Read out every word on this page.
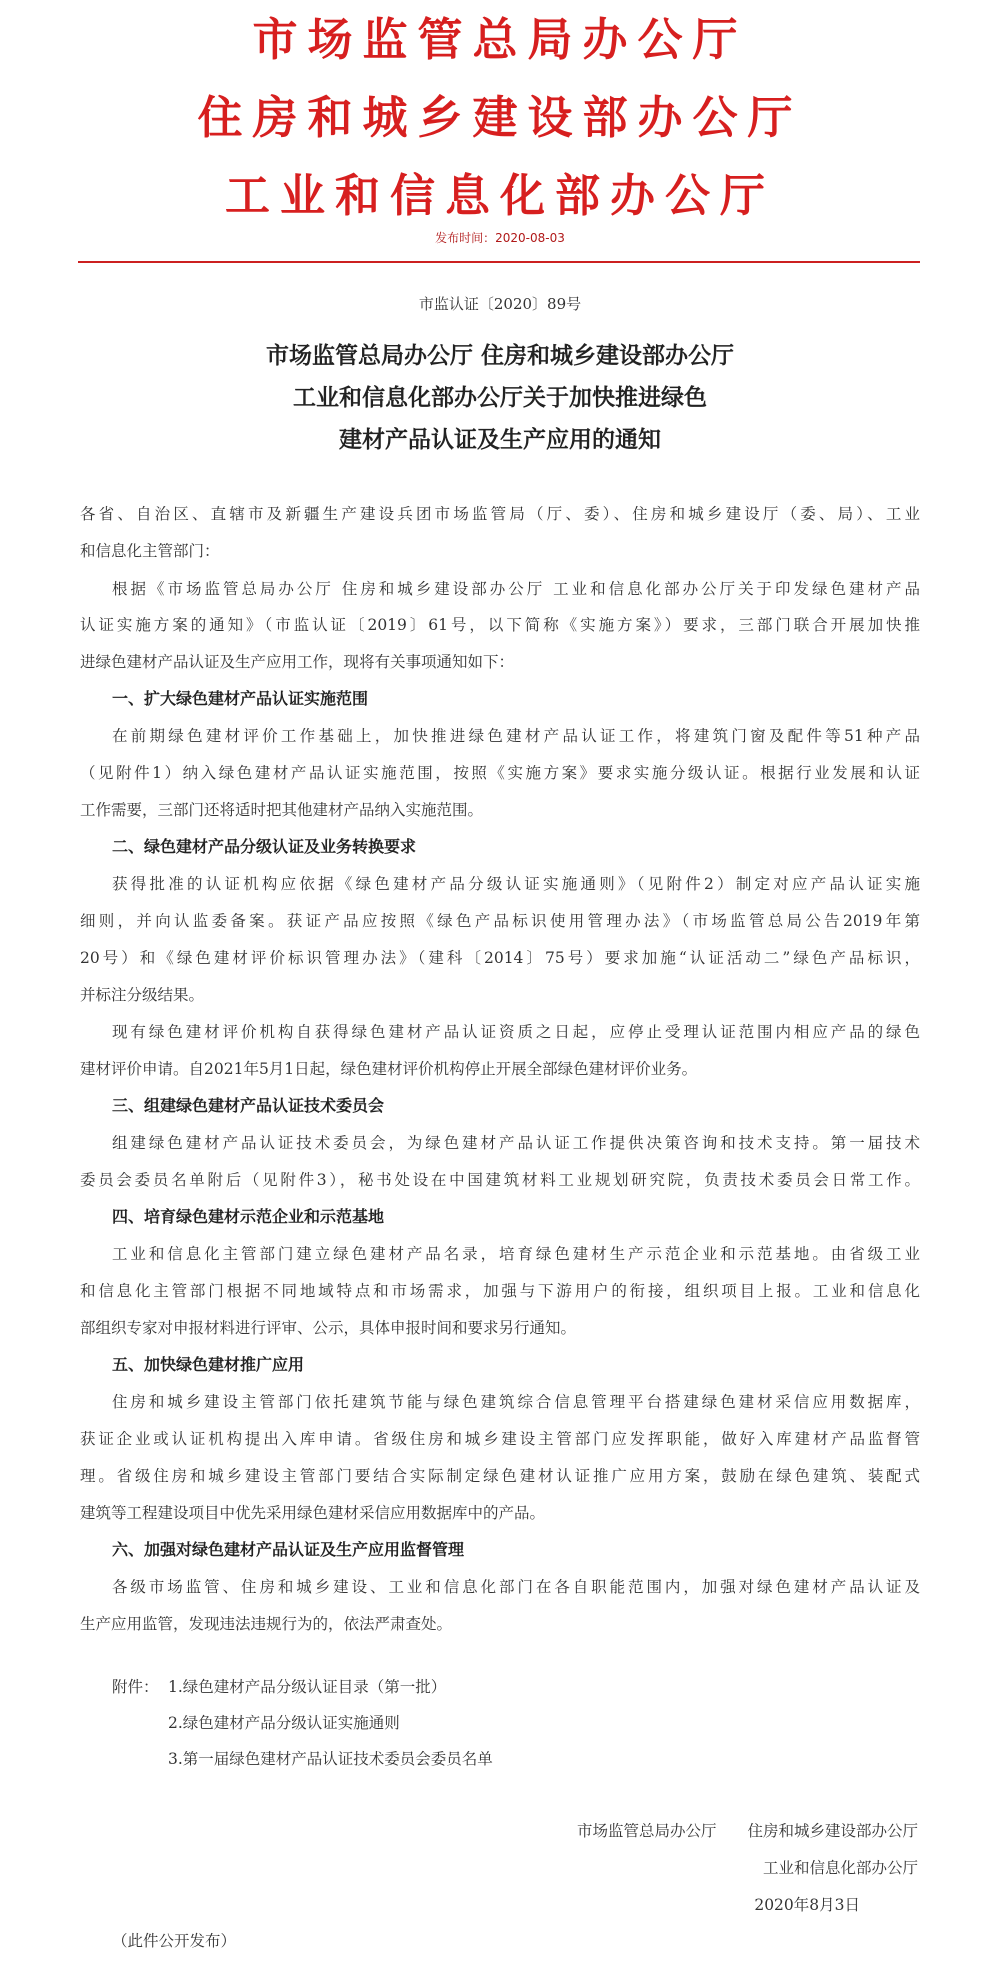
市场监管总局办公厅
住房和城乡建设部办公厅
工业和信息化部办公厅
发布时间：2020-08-03
市监认证〔2020〕89号
市场监管总局办公厅 住房和城乡建设部办公厅
工业和信息化部办公厅关于加快推进绿色
建材产品认证及生产应用的通知
各省、自治区、直辖市及新疆生产建设兵团市场监管局（厅、委）、住房和城乡建设厅（委、局）、工业
和信息化主管部门：
根据《市场监管总局办公厅 住房和城乡建设部办公厅 工业和信息化部办公厅关于印发绿色建材产品
认证实施方案的通知》（市监认证〔2019〕61号，以下简称《实施方案》）要求，三部门联合开展加快推
进绿色建材产品认证及生产应用工作，现将有关事项通知如下：
一、扩大绿色建材产品认证实施范围
在前期绿色建材评价工作基础上，加快推进绿色建材产品认证工作，将建筑门窗及配件等51种产品
（见附件1）纳入绿色建材产品认证实施范围，按照《实施方案》要求实施分级认证。根据行业发展和认证
工作需要，三部门还将适时把其他建材产品纳入实施范围。
二、绿色建材产品分级认证及业务转换要求
获得批准的认证机构应依据《绿色建材产品分级认证实施通则》（见附件2）制定对应产品认证实施
细则，并向认监委备案。获证产品应按照《绿色产品标识使用管理办法》（市场监管总局公告2019年第
20号）和《绿色建材评价标识管理办法》（建科〔2014〕75号）要求加施“认证活动二”绿色产品标识，
并标注分级结果。
现有绿色建材评价机构自获得绿色建材产品认证资质之日起，应停止受理认证范围内相应产品的绿色
建材评价申请。自2021年5月1日起，绿色建材评价机构停止开展全部绿色建材评价业务。
三、组建绿色建材产品认证技术委员会
组建绿色建材产品认证技术委员会，为绿色建材产品认证工作提供决策咨询和技术支持。第一届技术
委员会委员名单附后（见附件3），秘书处设在中国建筑材料工业规划研究院，负责技术委员会日常工作。
四、培育绿色建材示范企业和示范基地
工业和信息化主管部门建立绿色建材产品名录，培育绿色建材生产示范企业和示范基地。由省级工业
和信息化主管部门根据不同地域特点和市场需求，加强与下游用户的衔接，组织项目上报。工业和信息化
部组织专家对申报材料进行评审、公示，具体申报时间和要求另行通知。
五、加快绿色建材推广应用
住房和城乡建设主管部门依托建筑节能与绿色建筑综合信息管理平台搭建绿色建材采信应用数据库，
获证企业或认证机构提出入库申请。省级住房和城乡建设主管部门应发挥职能，做好入库建材产品监督管
理。省级住房和城乡建设主管部门要结合实际制定绿色建材认证推广应用方案，鼓励在绿色建筑、装配式
建筑等工程建设项目中优先采用绿色建材采信应用数据库中的产品。
六、加强对绿色建材产品认证及生产应用监督管理
各级市场监管、住房和城乡建设、工业和信息化部门在各自职能范围内，加强对绿色建材产品认证及
生产应用监管，发现违法违规行为的，依法严肃查处。
附件： 1.绿色建材产品分级认证目录（第一批）
2.绿色建材产品分级认证实施通则
3.第一届绿色建材产品认证技术委员会委员名单
市场监管总局办公厅　　住房和城乡建设部办公厅
工业和信息化部办公厅
2020年8月3日
（此件公开发布）
